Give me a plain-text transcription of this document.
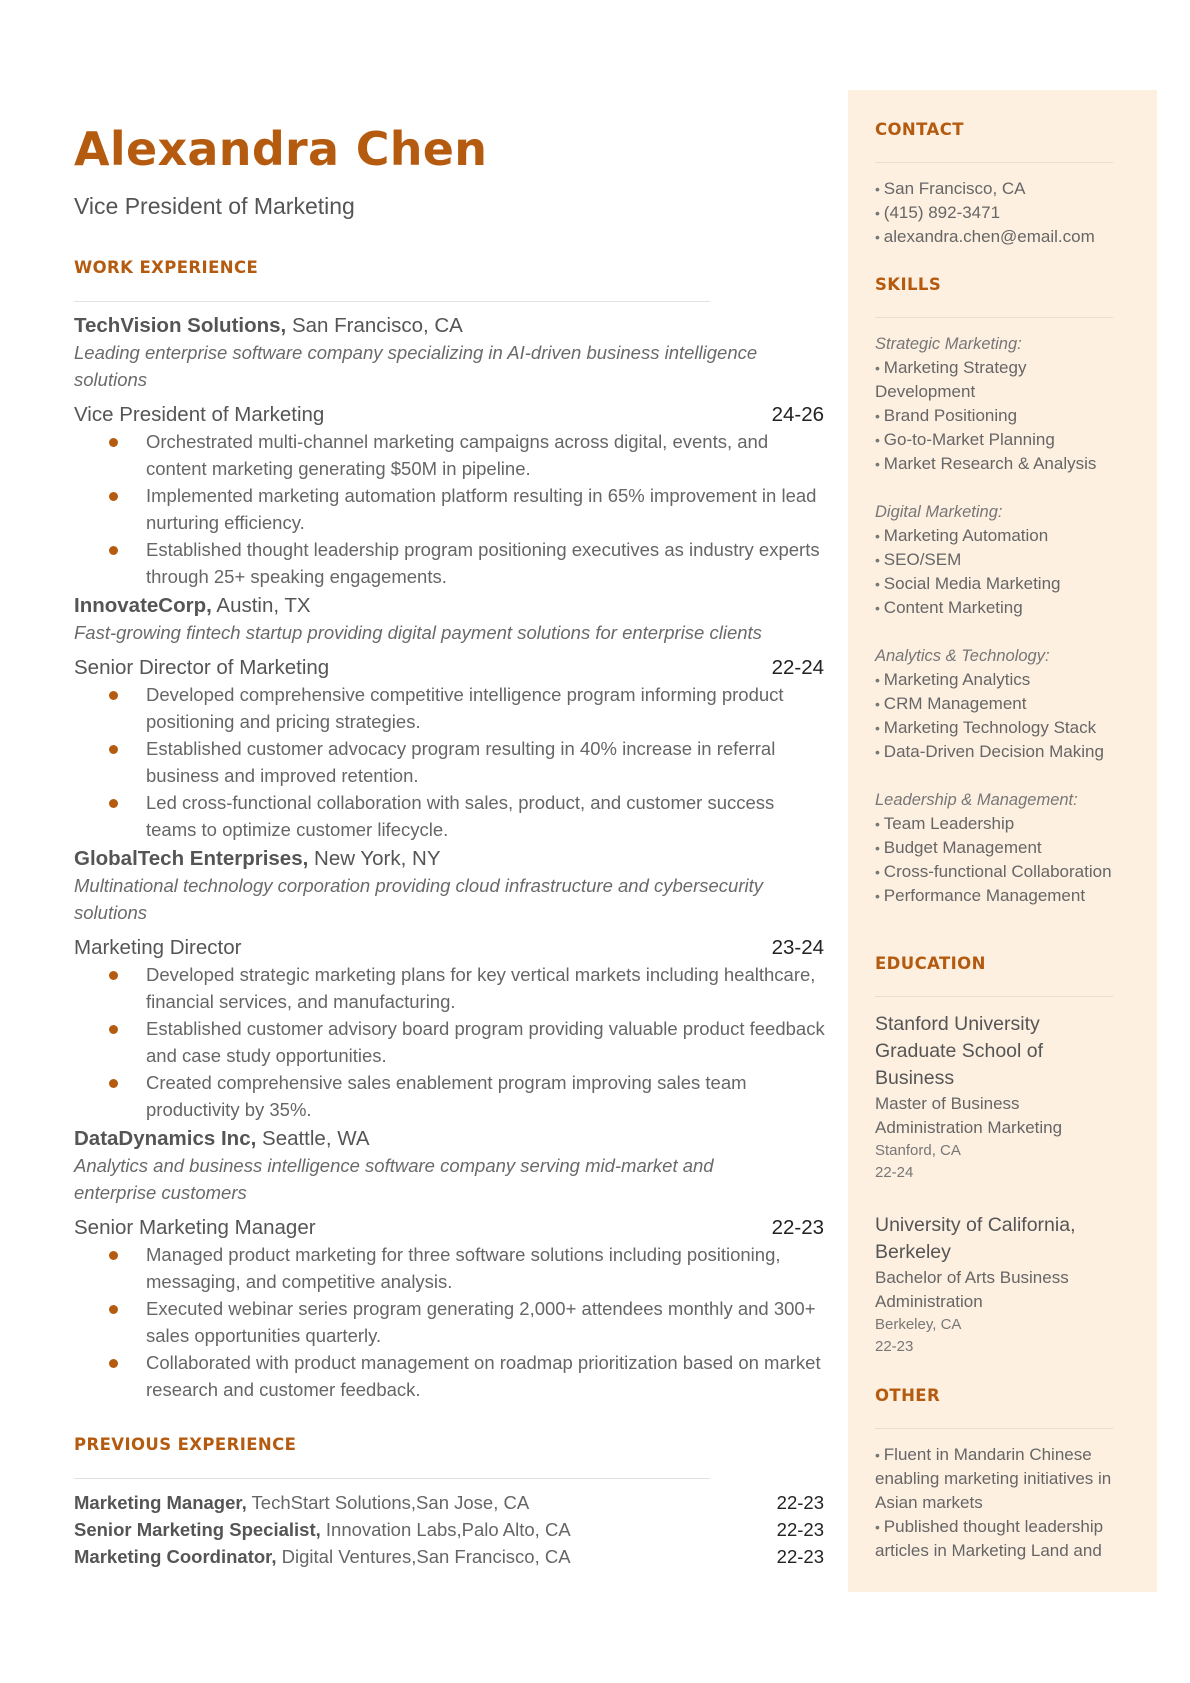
Alexandra Chen
Vice President of Marketing
WORK EXPERIENCE
TechVision Solutions, San Francisco, CA
Leading enterprise software company specializing in AI-driven business intelligence solutions
Vice President of Marketing	24-26
Orchestrated multi-channel marketing campaigns across digital, events, and content marketing generating $50M in pipeline.
Implemented marketing automation platform resulting in 65% improvement in lead nurturing efficiency.
Established thought leadership program positioning executives as industry experts through 25+ speaking engagements.
InnovateCorp, Austin, TX
Fast-growing fintech startup providing digital payment solutions for enterprise clients
Senior Director of Marketing	22-24
Developed comprehensive competitive intelligence program informing product positioning and pricing strategies.
Established customer advocacy program resulting in 40% increase in referral business and improved retention.
Led cross-functional collaboration with sales, product, and customer success teams to optimize customer lifecycle.
GlobalTech Enterprises, New York, NY
Multinational technology corporation providing cloud infrastructure and cybersecurity solutions
Marketing Director	23-24
Developed strategic marketing plans for key vertical markets including healthcare, financial services, and manufacturing.
Established customer advisory board program providing valuable product feedback and case study opportunities.
Created comprehensive sales enablement program improving sales team productivity by 35%.
DataDynamics Inc, Seattle, WA
Analytics and business intelligence software company serving mid-market and enterprise customers
Senior Marketing Manager	22-23
Managed product marketing for three software solutions including positioning, messaging, and competitive analysis.
Executed webinar series program generating 2,000+ attendees monthly and 300+ sales opportunities quarterly.
Collaborated with product management on roadmap prioritization based on market research and customer feedback.
PREVIOUS EXPERIENCE
Marketing Manager, TechStart Solutions,San Jose, CA	22-23
Senior Marketing Specialist, Innovation Labs,Palo Alto, CA	22-23
Marketing Coordinator, Digital Ventures,San Francisco, CA	22-23
CONTACT
• San Francisco, CA
• (415) 892-3471
• alexandra.chen@email.com
SKILLS
Strategic Marketing:
• Marketing Strategy Development
• Brand Positioning
• Go-to-Market Planning
• Market Research & Analysis
Digital Marketing:
• Marketing Automation
• SEO/SEM
• Social Media Marketing
• Content Marketing
Analytics & Technology:
• Marketing Analytics
• CRM Management
• Marketing Technology Stack
• Data-Driven Decision Making
Leadership & Management:
• Team Leadership
• Budget Management
• Cross-functional Collaboration
• Performance Management
EDUCATION
Stanford University Graduate School of Business
Master of Business Administration Marketing
Stanford, CA
22-24
University of California, Berkeley
Bachelor of Arts Business Administration
Berkeley, CA
22-23
OTHER
• Fluent in Mandarin Chinese enabling marketing initiatives in Asian markets
• Published thought leadership articles in Marketing Land and
